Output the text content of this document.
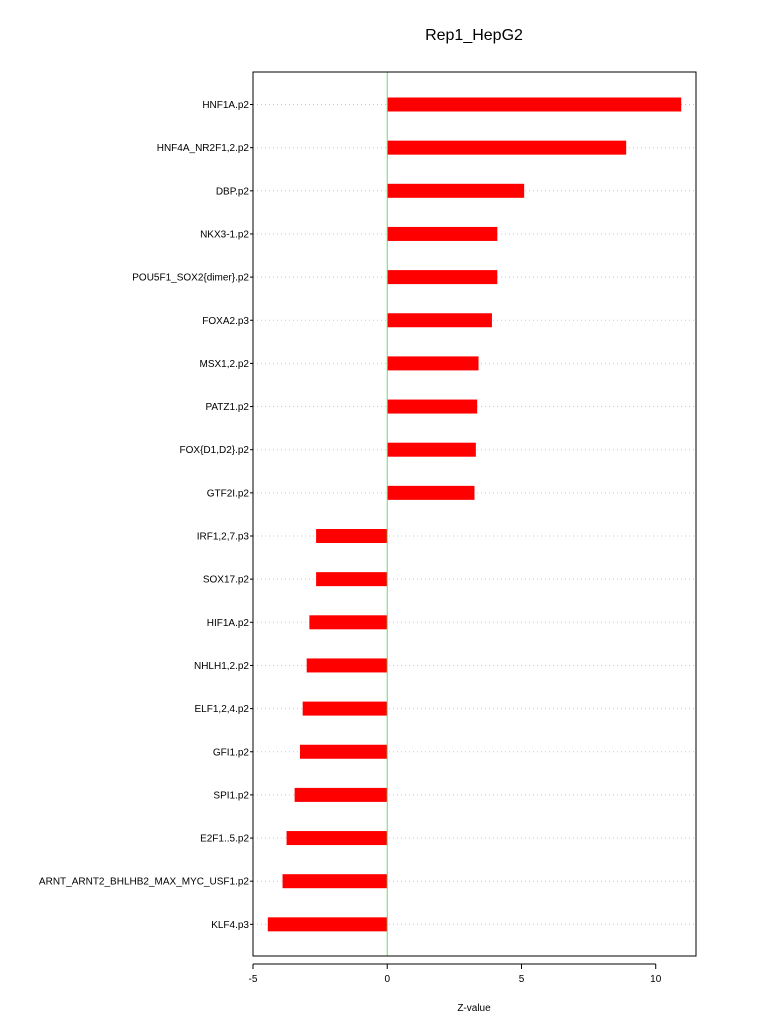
Rep1_HepG2
Z-value
HNF1A.p2
HNF4A_NR2F1,2.p2
DBP.p2
NKX3-1.p2
POU5F1_SOX2{dimer}.p2
FOXA2.p3
MSX1,2.p2
PATZ1.p2
FOX{D1,D2}.p2
GTF2I.p2
IRF1,2,7.p3
SOX17.p2
HIF1A.p2
NHLH1,2.p2
ELF1,2,4.p2
GFI1.p2
SPI1.p2
E2F1..5.p2
ARNT_ARNT2_BHLHB2_MAX_MYC_USF1.p2
KLF4.p3
-5	0	5	10
